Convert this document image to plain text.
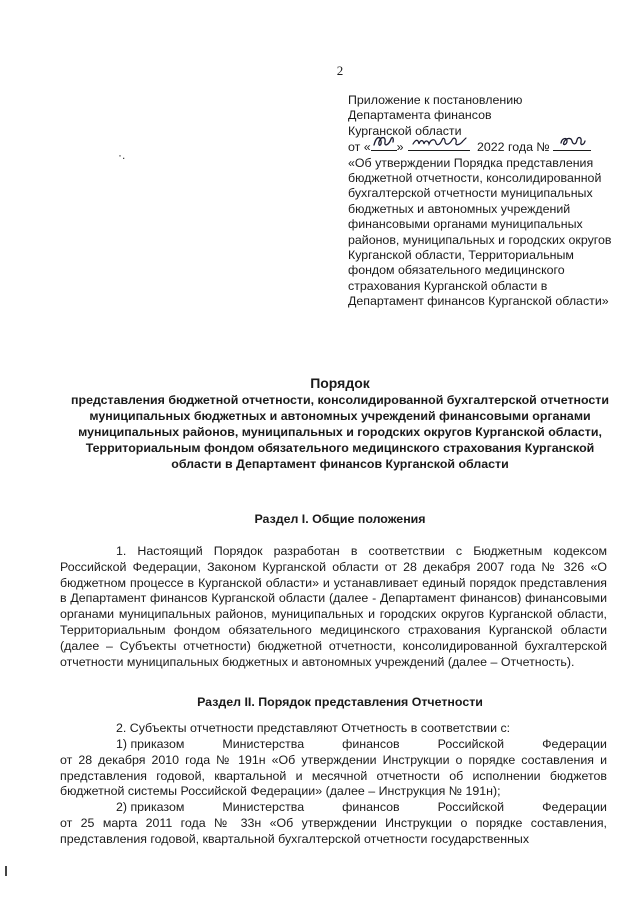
2
·.
Приложение к постановлению
Департамента финансов
Курганской области
от « »	2022 года №
«Об утверждении Порядка представления бюджетной отчетности, консолидированной бухгалтерской отчетности муниципальных бюджетных и автономных учреждений финансовыми органами муниципальных районов, муниципальных и городских округов Курганской области, Территориальным фондом обязательного медицинского страхования Курганской области в Департамент финансов Курганской области»

Порядок

представления бюджетной отчетности, консолидированной бухгалтерской отчетности муниципальных бюджетных и автономных учреждений финансовыми органами муниципальных районов, муниципальных и городских округов Курганской области, Территориальным фондом обязательного медицинского страхования Курганской области в Департамент финансов Курганской области

Раздел I. Общие положения

1. Настоящий Порядок разработан в соответствии с Бюджетным кодексом Российской Федерации, Законом Курганской области от 28 декабря 2007 года № 326 «О бюджетном процессе в Курганской области» и устанавливает единый порядок представления в Департамент финансов Курганской области (далее - Департамент финансов) финансовыми органами муниципальных районов, муниципальных и городских округов Курганской области, Территориальным фондом обязательного медицинского страхования Курганской области (далее – Субъекты отчетности) бюджетной отчетности, консолидированной бухгалтерской отчетности муниципальных бюджетных и автономных учреждений (далее – Отчетность).

Раздел II. Порядок представления Отчетности

2. Субъекты отчетности представляют Отчетность в соответствии с:

1) приказом	Министерства	финансов	Российской	Федерации
от 28 декабря 2010 года № 191н «Об утверждении Инструкции о порядке составления и представления годовой, квартальной и месячной отчетности об исполнении бюджетов бюджетной системы Российской Федерации» (далее – Инструкция № 191н);
2) приказом	Министерства	финансов	Российской	Федерации
от 25 марта 2011 года № 33н «Об утверждении Инструкции о порядке составления, представления годовой, квартальной бухгалтерской отчетности государственных
